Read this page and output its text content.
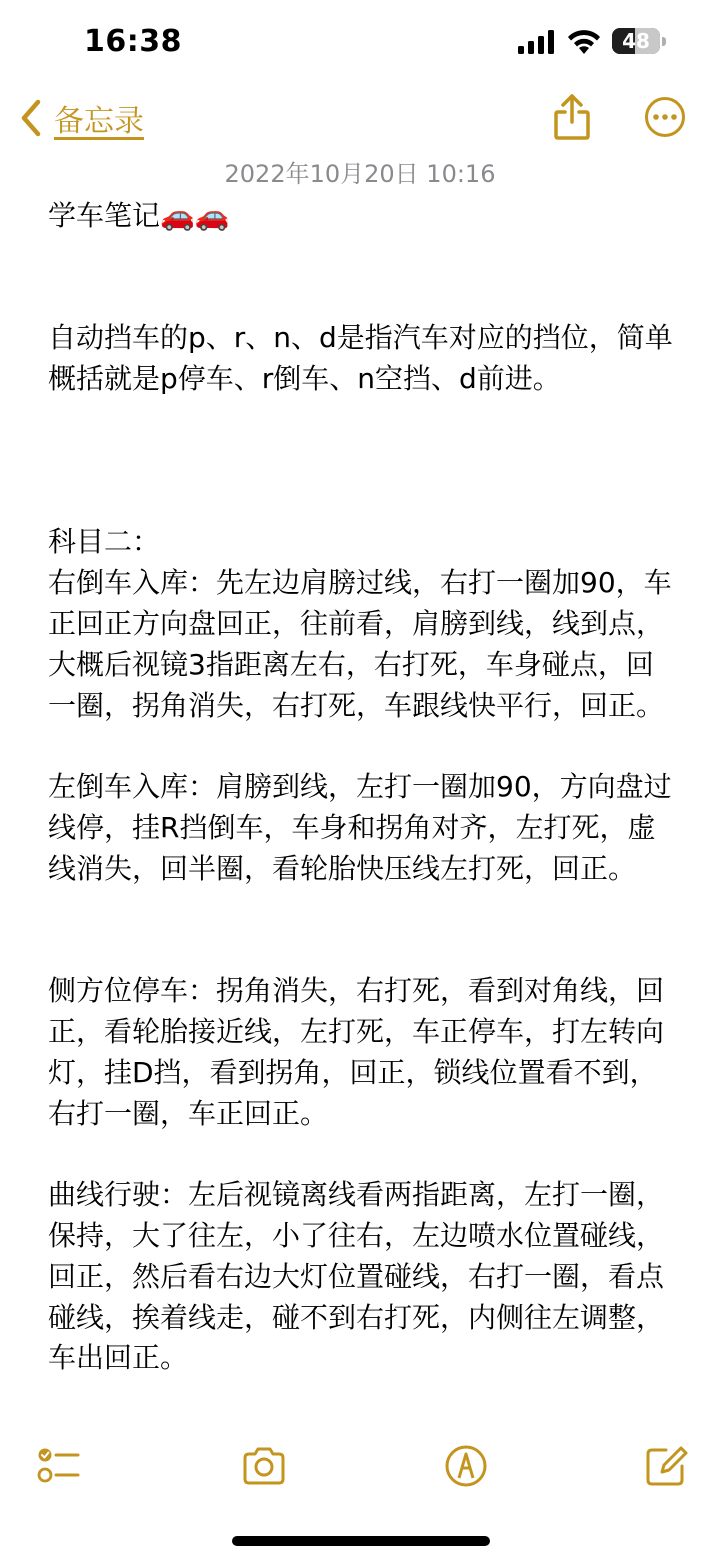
16:38	48
备忘录
2022年10月20日 10:16

学车笔记🚗🚗

自动挡车的p、r、n、d是指汽车对应的挡位，简单概括就是p停车、r倒车、n空挡、d前进。

科目二：

右倒车入库：先左边肩膀过线，右打一圈加90，车正回正方向盘回正，往前看，肩膀到线，线到点，大概后视镜3指距离左右，右打死，车身碰点，回一圈，拐角消失，右打死，车跟线快平行，回正。

左倒车入库：肩膀到线，左打一圈加90，方向盘过线停，挂R挡倒车，车身和拐角对齐，左打死，虚线消失，回半圈，看轮胎快压线左打死，回正。

侧方位停车：拐角消失，右打死，看到对角线，回正，看轮胎接近线，左打死，车正停车，打左转向灯，挂D挡，看到拐角，回正，锁线位置看不到，右打一圈，车正回正。

曲线行驶：左后视镜离线看两指距离，左打一圈，保持，大了往左，小了往右，左边喷水位置碰线，回正，然后看右边大灯位置碰线，右打一圈，看点碰线，挨着线走，碰不到右打死，内侧往左调整，车出回正。
